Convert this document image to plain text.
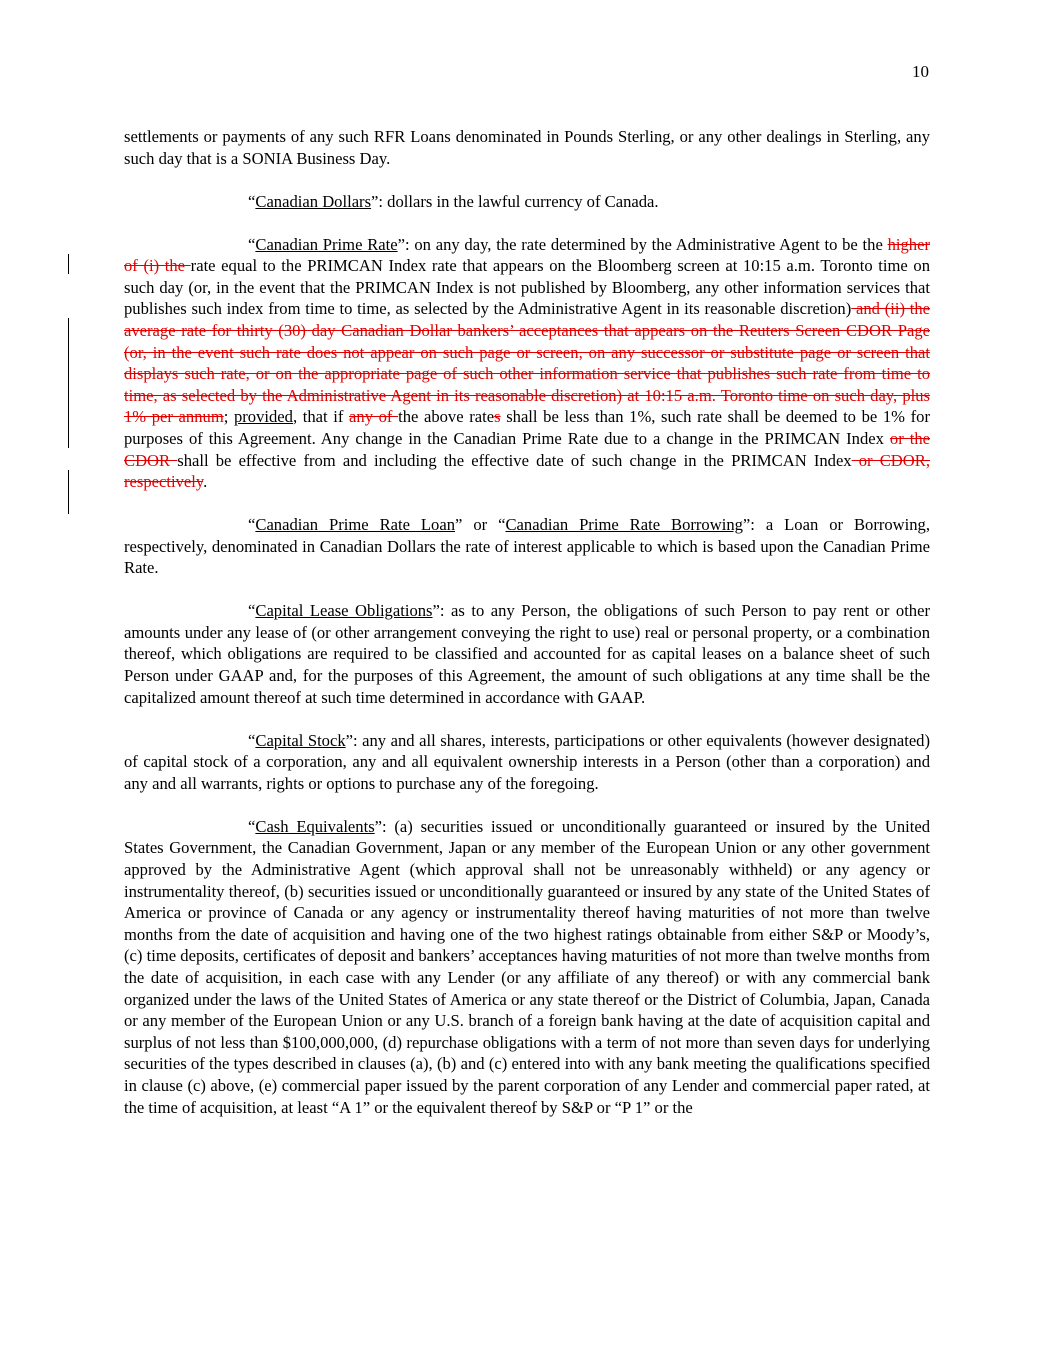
10

settlements or payments of any such RFR Loans denominated in Pounds Sterling, or any other dealings in Sterling, any such day that is a SONIA Business Day.

“Canadian Dollars”: dollars in the lawful currency of Canada.

“Canadian Prime Rate”: on any day, the rate determined by the Administrative Agent to be the higher of (i) the rate equal to the PRIMCAN Index rate that appears on the Bloomberg screen at 10:15 a.m. Toronto time on such day (or, in the event that the PRIMCAN Index is not published by Bloomberg, any other information services that publishes such index from time to time, as selected by the Administrative Agent in its reasonable discretion) and (ii) the average rate for thirty (30) day Canadian Dollar bankers’ acceptances that appears on the Reuters Screen CDOR Page (or, in the event such rate does not appear on such page or screen, on any successor or substitute page or screen that displays such rate, or on the appropriate page of such other information service that publishes such rate from time to time, as selected by the Administrative Agent in its reasonable discretion) at 10:15 a.m. Toronto time on such day, plus 1% per annum; provided, that if any of the above rates shall be less than 1%, such rate shall be deemed to be 1% for purposes of this Agreement. Any change in the Canadian Prime Rate due to a change in the PRIMCAN Index or the CDOR shall be effective from and including the effective date of such change in the PRIMCAN Index or CDOR, respectively.

“Canadian Prime Rate Loan” or “Canadian Prime Rate Borrowing”: a Loan or Borrowing, respectively, denominated in Canadian Dollars the rate of interest applicable to which is based upon the Canadian Prime Rate.

“Capital Lease Obligations”: as to any Person, the obligations of such Person to pay rent or other amounts under any lease of (or other arrangement conveying the right to use) real or personal property, or a combination thereof, which obligations are required to be classified and accounted for as capital leases on a balance sheet of such Person under GAAP and, for the purposes of this Agreement, the amount of such obligations at any time shall be the capitalized amount thereof at such time determined in accordance with GAAP.

“Capital Stock”: any and all shares, interests, participations or other equivalents (however designated) of capital stock of a corporation, any and all equivalent ownership interests in a Person (other than a corporation) and any and all warrants, rights or options to purchase any of the foregoing.

“Cash Equivalents”: (a) securities issued or unconditionally guaranteed or insured by the United States Government, the Canadian Government, Japan or any member of the European Union or any other government approved by the Administrative Agent (which approval shall not be unreasonably withheld) or any agency or instrumentality thereof, (b) securities issued or unconditionally guaranteed or insured by any state of the United States of America or province of Canada or any agency or instrumentality thereof having maturities of not more than twelve months from the date of acquisition and having one of the two highest ratings obtainable from either S&P or Moody’s, (c) time deposits, certificates of deposit and bankers’ acceptances having maturities of not more than twelve months from the date of acquisition, in each case with any Lender (or any affiliate of any thereof) or with any commercial bank organized under the laws of the United States of America or any state thereof or the District of Columbia, Japan, Canada or any member of the European Union or any U.S. branch of a foreign bank having at the date of acquisition capital and surplus of not less than $100,000,000, (d) repurchase obligations with a term of not more than seven days for underlying securities of the types described in clauses (a), (b) and (c) entered into with any bank meeting the qualifications specified in clause (c) above, (e) commercial paper issued by the parent corporation of any Lender and commercial paper rated, at the time of acquisition, at least “A 1” or the equivalent thereof by S&P or “P 1” or the
